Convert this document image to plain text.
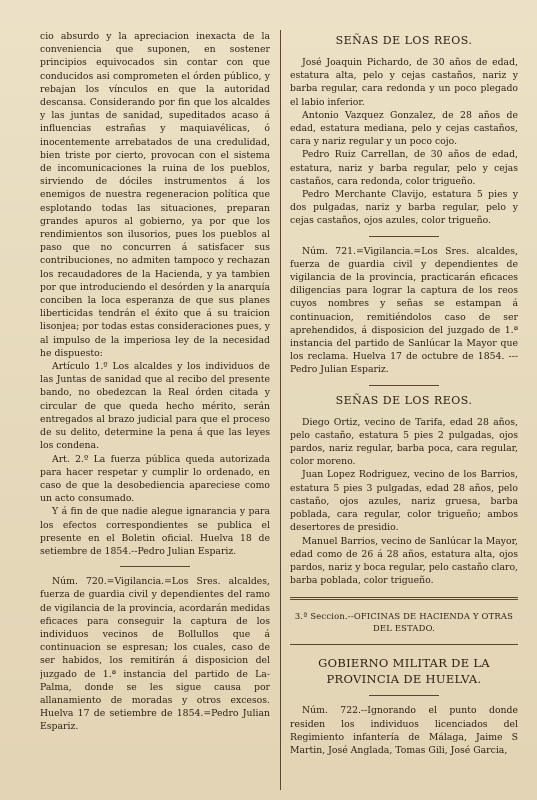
cio absurdo y la apreciacion inexacta de la conveniencia que suponen, en sostener principios equivocados sin contar con que conducidos asi comprometen el órden público, y rebajan los vínculos en que la autoridad descansa. Considerando por fin que los alcaldes y las juntas de sanidad, supeditados acaso á influencias estrañas y maquiavélicas, ó inocentemente arrebatados de una credulidad, bien triste por cierto, provocan con el sistema de incomunicaciones la ruina de los pueblos, sirviendo de dóciles instrumentos á los enemigos de nuestra regeneracion política que esplotando todas las situaciones, preparan grandes apuros al gobierno, ya por que los rendimientos son ilusorios, pues los pueblos al paso que no concurren á satisfacer sus contribuciones, no admiten tampoco y rechazan los recaudadores de la Hacienda, y ya tambien por que introduciendo el desórden y la anarquía conciben la loca esperanza de que sus planes liberticidas tendrán el éxito que á su traicion lisonjea; por todas estas consideraciones pues, y al impulso de la imperiosa ley de la necesidad he dispuesto:

Artículo 1.º Los alcaldes y los individuos de las Juntas de sanidad que al recibo del presente bando, no obedezcan la Real órden citada y circular de que queda hecho mérito, serán entregados al brazo judicial para que el proceso de su delito, determine la pena á que las leyes los condena.

Art. 2.º La fuerza pública queda autorizada para hacer respetar y cumplir lo ordenado, en caso de que la desobediencia apareciese como un acto consumado.

Y á fin de que nadie alegue ignarancia y para los efectos correspondientes se publica el presente en el Boletin oficial. Huelva 18 de setiembre de 1854.--Pedro Julian Espariz.

Núm. 720.=Vigilancia.=Los Sres. alcaldes, fuerza de guardia civil y dependientes del ramo de vigilancia de la provincia, acordarán medidas eficaces para conseguir la captura de los individuos vecinos de Bollullos que á continuacion se espresan; los cuales, caso de ser habidos, los remitirán á disposicion del juzgado de 1.ª instancia del partido de La-Palma, donde se les sigue causa por allanamiento de moradas y otros excesos. Huelva 17 de setiembre de 1854.=Pedro Julian Espariz.

SEÑAS DE LOS REOS.

José Joaquin Pichardo, de 30 años de edad, estatura alta, pelo y cejas castaños, nariz y barba regular, cara redonda y un poco plegado el labio inferior.

Antonio Vazquez Gonzalez, de 28 años de edad, estatura mediana, pelo y cejas castaños, cara y nariz regular y un poco cojo.

Pedro Ruiz Carrellan, de 30 años de edad, estatura, nariz y barba regular, pelo y cejas castaños, cara redonda, color trigueño.

Pedro Merchante Clavijo, estatura 5 pies y dos pulgadas, nariz y barba regular, pelo y cejas castaños, ojos azules, color trigueño.

Núm. 721.=Vigilancia.=Los Sres. alcaldes, fuerza de guardia civil y dependientes de vigilancia de la provincia, practicarán eficaces diligencias para lograr la captura de los reos cuyos nombres y señas se estampan á continuacion, remitiéndolos caso de ser aprehendidos, á disposicion del juzgado de 1.ª instancia del partido de Sanlúcar la Mayor que los reclama. Huelva 17 de octubre de 1854. ---Pedro Julian Espariz.

SEÑAS DE LOS REOS.

Diego Ortiz, vecino de Tarifa, edad 28 años, pelo castaño, estatura 5 pies 2 pulgadas, ojos pardos, nariz regular, barba poca, cara regular, color moreno.

Juan Lopez Rodriguez, vecino de los Barrios, estatura 5 pies 3 pulgadas, edad 28 años, pelo castaño, ojos azules, nariz gruesa, barba poblada, cara regular, color trigueño; ambos desertores de presidio.

Manuel Barrios, vecino de Sanlúcar la Mayor, edad como de 26 á 28 años, estatura alta, ojos pardos, nariz y boca regular, pelo castaño claro, barba poblada, color trigueño.

3.ª Seccion.--OFICINAS DE HACIENDA Y OTRAS DEL ESTADO.
GOBIERNO MILITAR DE LA PROVINCIA DE HUELVA.

Núm. 722.--Ignorando el punto donde residen los individuos licenciados del Regimiento infantería de Málaga, Jaime S Martin, José Anglada, Tomas Gili, José Garcia,
